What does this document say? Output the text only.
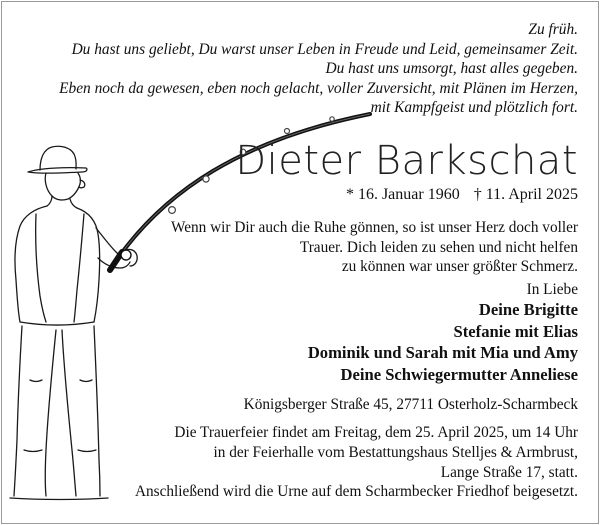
Zu früh.
Du hast uns geliebt, Du warst unser Leben in Freude und Leid, gemeinsamer Zeit.
Du hast uns umsorgt, hast alles gegeben.
Eben noch da gewesen, eben noch gelacht, voller Zuversicht, mit Plänen im Herzen,
mit Kampfgeist und plötzlich fort.
Dieter Barkschat
* 16. Januar 1960 † 11. April 2025
Wenn wir Dir auch die Ruhe gönnen, so ist unser Herz doch voller
Trauer. Dich leiden zu sehen und nicht helfen
zu können war unser größter Schmerz.
In Liebe
Deine Brigitte
Stefanie mit Elias
Dominik und Sarah mit Mia und Amy
Deine Schwiegermutter Anneliese
Königsberger Straße 45, 27711 Osterholz-Scharmbeck
Die Trauerfeier findet am Freitag, dem 25. April 2025, um 14 Uhr
in der Feierhalle vom Bestattungshaus Stelljes & Armbrust,
Lange Straße 17, statt.
Anschließend wird die Urne auf dem Scharmbecker Friedhof beigesetzt.
